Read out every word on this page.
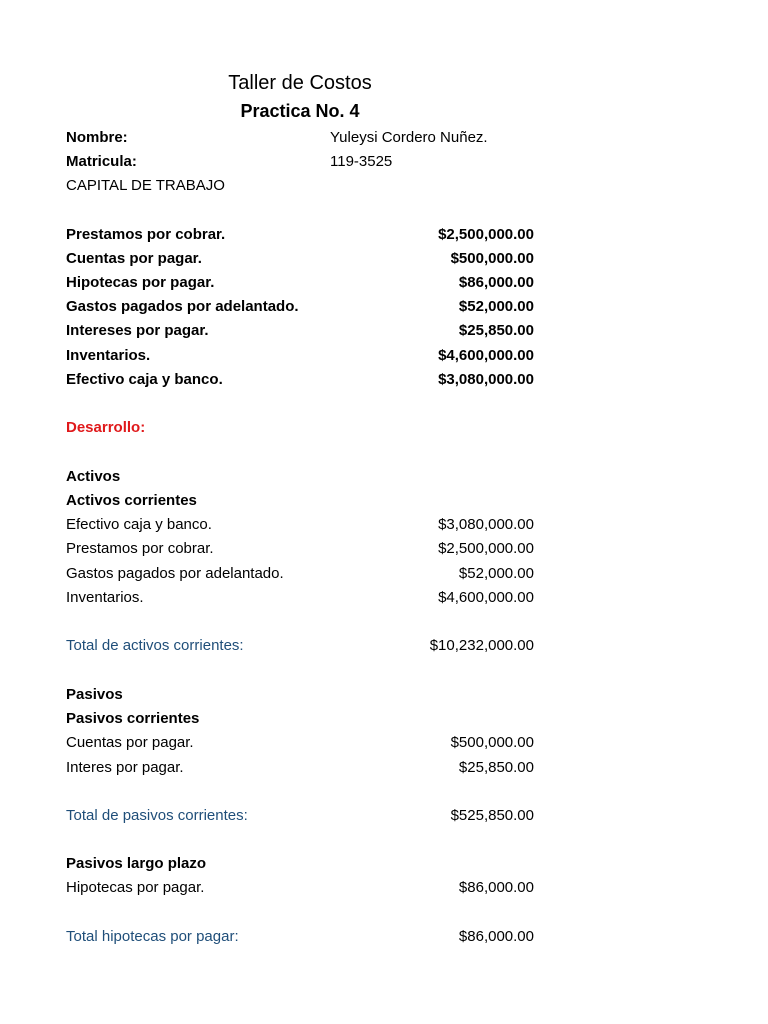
Taller de Costos
Practica No. 4
Nombre:	Yuleysi Cordero Nuñez.
Matricula:	119-3525
CAPITAL DE TRABAJO
Prestamos por cobrar.	$2,500,000.00
Cuentas por pagar.	$500,000.00
Hipotecas por pagar.	$86,000.00
Gastos pagados por adelantado.	$52,000.00
Intereses por pagar.	$25,850.00
Inventarios.	$4,600,000.00
Efectivo caja y banco.	$3,080,000.00
Desarrollo:
Activos
Activos corrientes
Efectivo caja y banco.	$3,080,000.00
Prestamos por cobrar.	$2,500,000.00
Gastos pagados por adelantado.	$52,000.00
Inventarios.	$4,600,000.00
Total de activos corrientes:	$10,232,000.00
Pasivos
Pasivos corrientes
Cuentas por pagar.	$500,000.00
Interes por pagar.	$25,850.00
Total de pasivos corrientes:	$525,850.00
Pasivos largo plazo
Hipotecas por pagar.	$86,000.00
Total hipotecas por pagar:	$86,000.00
